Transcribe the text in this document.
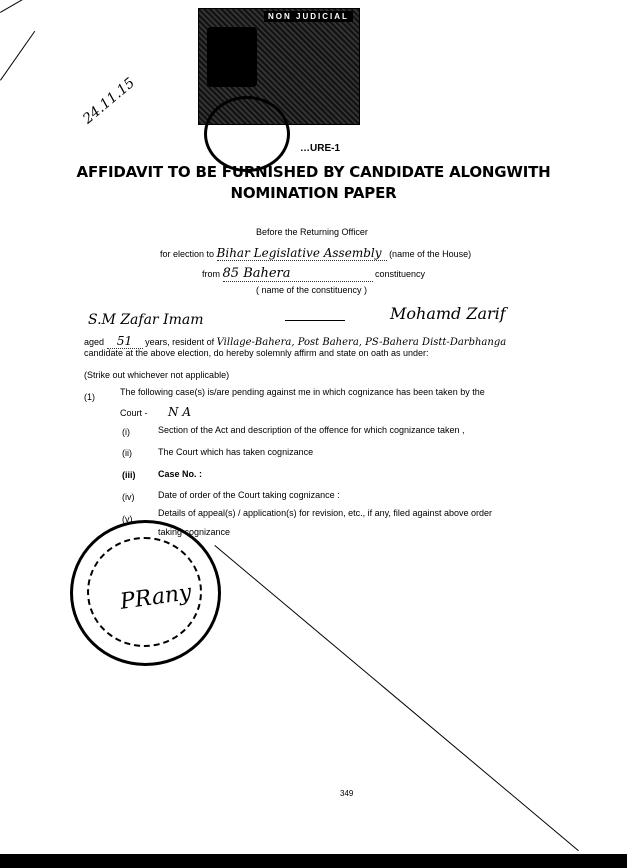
NON JUDICIAL
24.11.15
…URE-1
AFFIDAVIT TO BE FURNISHED BY CANDIDATE ALONGWITH
NOMINATION PAPER
Before the Returning Officer
for election to Bihar Legislative Assembly (name of the House)
from 85 Bahera	constituency
( name of the constituency )
S.M Zafar Imam	Mohamd Zarif
aged 51 years, resident of Village-Bahera, Post Bahera, PS-Bahera Distt-Darbhanga
candidate at the above election, do hereby solemnly affirm and state on oath as under:
(Strike out whichever not applicable)
(1)	The following case(s) is/are pending against me in which cognizance has been taken by the
Court - N A
(i)	Section of the Act and description of the offence for which cognizance taken ,
(ii)	The Court which has taken cognizance
(iii)	Case No. :
(iv)	Date of order of the Court taking cognizance :
(v)
Details of appeal(s) / application(s) for revision, etc., if any, filed against above order
taking cognizance
PRany
349
